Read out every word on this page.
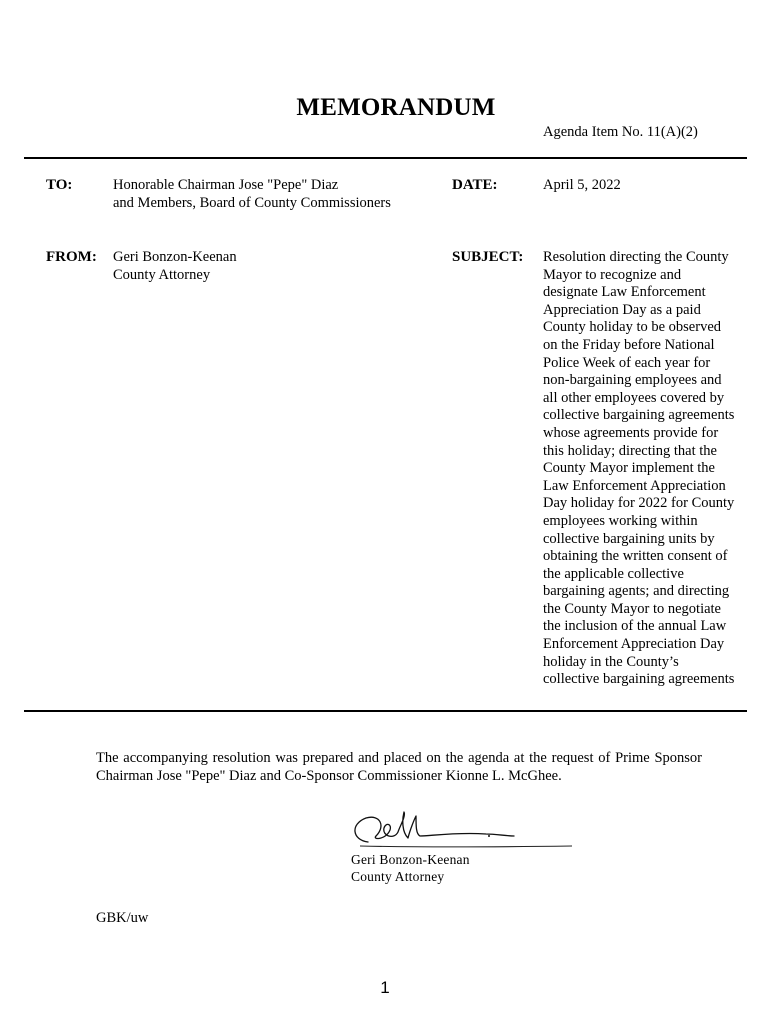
MEMORANDUM
Agenda Item No. 11(A)(2)
TO:	Honorable Chairman Jose "Pepe" Diaz
and Members, Board of County Commissioners
DATE:	April 5, 2022
FROM: Geri Bonzon-Keenan
County Attorney
SUBJECT: Resolution directing the County
Mayor to recognize and
designate Law Enforcement
Appreciation Day as a paid
County holiday to be observed
on the Friday before National
Police Week of each year for
non-bargaining employees and
all other employees covered by
collective bargaining agreements
whose agreements provide for
this holiday; directing that the
County Mayor implement the
Law Enforcement Appreciation
Day holiday for 2022 for County
employees working within
collective bargaining units by
obtaining the written consent of
the applicable collective
bargaining agents; and directing
the County Mayor to negotiate
the inclusion of the annual Law
Enforcement Appreciation Day
holiday in the County’s
collective bargaining agreements
The accompanying resolution was prepared and placed on the agenda at the request of Prime Sponsor Chairman Jose "Pepe" Diaz and Co-Sponsor Commissioner Kionne L. McGhee.
Geri Bonzon-Keenan
County Attorney
GBK/uw
1
